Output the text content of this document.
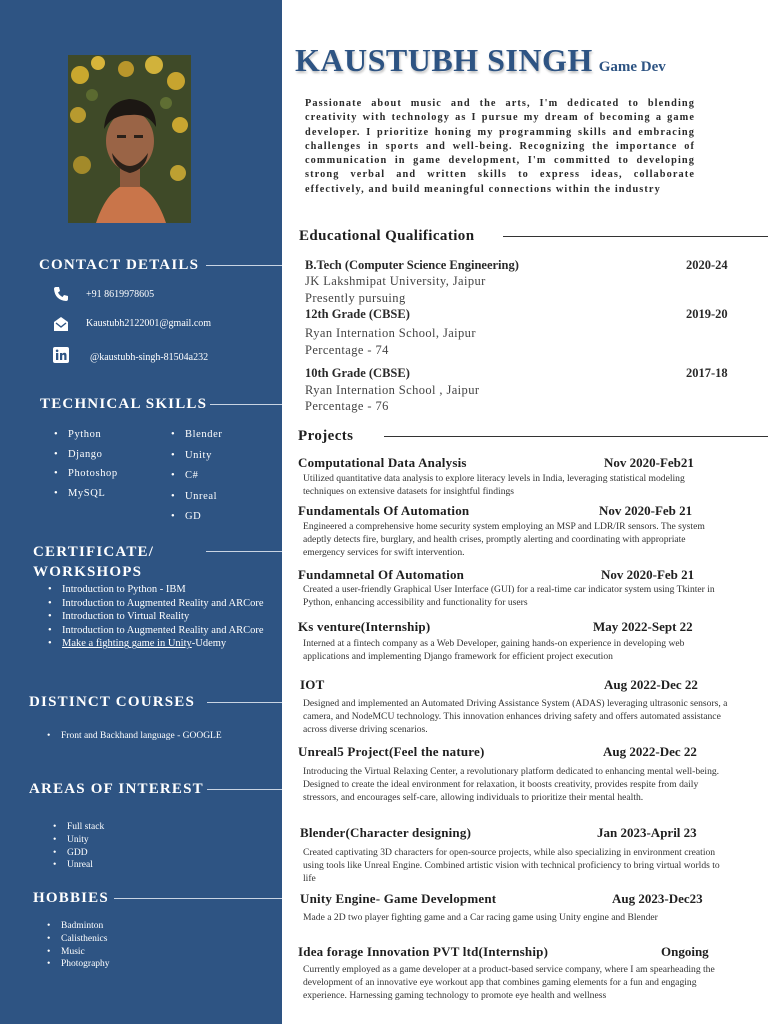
CONTACT DETAILS
+91 8619978605
Kaustubh2122001@gmail.com
@kaustubh-singh-81504a232
TECHNICAL SKILLS
• Python
• Django
• Photoshop
• MySQL
• Blender
• Unity
• C#
• Unreal
• GD
CERTIFICATE/
WORKSHOPS
• Introduction to Python - IBM
• Introduction to Augmented Reality and ARCore
• Introduction to Virtual Reality
• Introduction to Augmented Reality and ARCore
• Make a fighting game in Unity-Udemy
DISTINCT COURSES
• Front and Backhand language - GOOGLE
AREAS OF INTEREST
• Full stack
• Unity
• GDD
• Unreal
HOBBIES
• Badminton
• Calisthenics
• Music
• Photography
KAUSTUBH SINGH Game Dev
Passionate about music and the arts, I'm dedicated to blending creativity with technology as I pursue my dream of becoming a game developer. I prioritize honing my programming skills and embracing challenges in sports and well-being. Recognizing the importance of communication in game development, I'm committed to developing strong verbal and written skills to express ideas, collaborate effectively, and build meaningful connections within the industry
Educational Qualification
B.Tech (Computer Science Engineering)	2020-24
JK Lakshmipat University, Jaipur
Presently pursuing
12th Grade (CBSE)	2019-20
Ryan Internation School, Jaipur
Percentage - 74
10th Grade (CBSE)	2017-18
Ryan Internation School , Jaipur
Percentage - 76
Projects
Computational Data Analysis	Nov 2020-Feb21
Utilized quantitative data analysis to explore literacy levels in India, leveraging statistical modeling techniques on extensive datasets for insightful findings
Fundamentals Of Automation	Nov 2020-Feb 21
Engineered a comprehensive home security system employing an MSP and LDR/IR sensors. The system adeptly detects fire, burglary, and health crises, promptly alerting and coordinating with appropriate emergency services for swift intervention.
Fundamnetal Of Automation	Nov 2020-Feb 21
Created a user-friendly Graphical User Interface (GUI) for a real-time car indicator system using Tkinter in Python, enhancing accessibility and functionality for users
Ks venture(Internship)	May 2022-Sept 22
Interned at a fintech company as a Web Developer, gaining hands-on experience in developing web applications and implementing Django framework for efficient project execution
IOT	Aug 2022-Dec 22
Designed and implemented an Automated Driving Assistance System (ADAS) leveraging ultrasonic sensors, a camera, and NodeMCU technology. This innovation enhances driving safety and offers automated assistance across diverse driving scenarios.
Unreal5 Project(Feel the nature)	Aug 2022-Dec 22
Introducing the Virtual Relaxing Center, a revolutionary platform dedicated to enhancing mental well-being. Designed to create the ideal environment for relaxation, it boosts creativity, provides respite from daily stressors, and encourages self-care, allowing individuals to prioritize their mental health.
Blender(Character designing)	Jan 2023-April 23
Created captivating 3D characters for open-source projects, while also specializing in environment creation using tools like Unreal Engine. Combined artistic vision with technical proficiency to bring virtual worlds to life
Unity Engine- Game Development	Aug 2023-Dec23
Made a 2D two player fighting game and a Car racing game using Unity engine and Blender
Idea forage Innovation PVT ltd(Internship)	Ongoing
Currently employed as a game developer at a product-based service company, where I am spearheading the development of an innovative eye workout app that combines gaming elements for a fun and engaging experience. Harnessing gaming technology to promote eye health and wellness
